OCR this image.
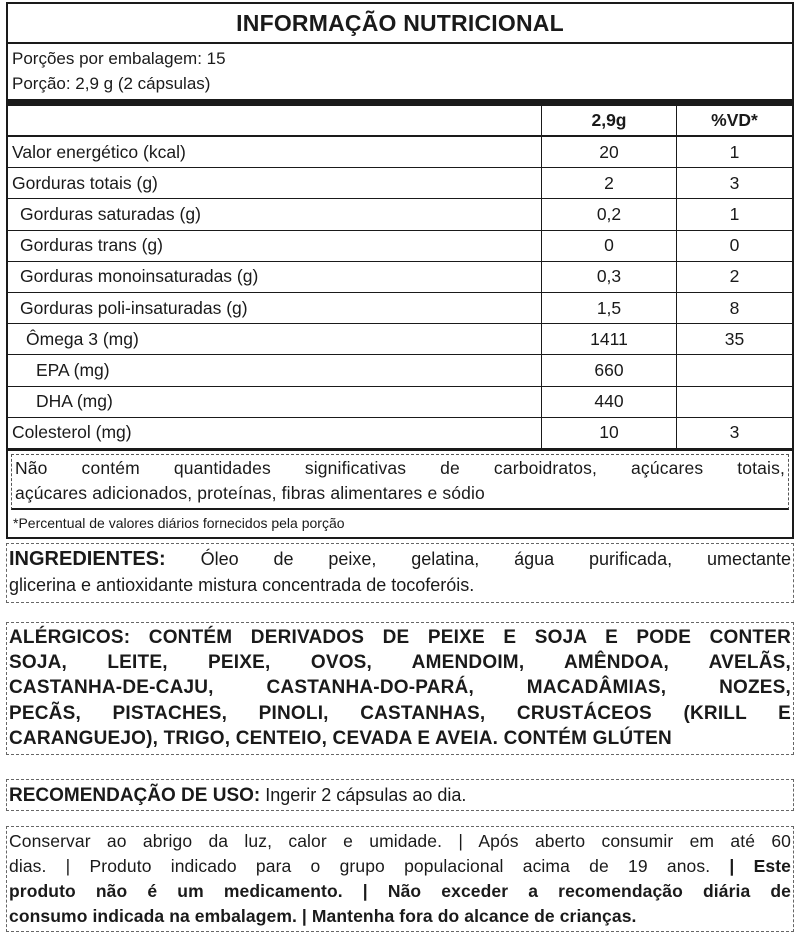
INFORMAÇÃO NUTRICIONAL
Porções por embalagem: 15
Porção: 2,9 g (2 cápsulas)
	2,9g	%VD*
Valor energético (kcal)	20	1
Gorduras totais (g)	2	3
Gorduras saturadas (g)	0,2	1
Gorduras trans (g)	0	0
Gorduras monoinsaturadas (g)	0,3	2
Gorduras poli-insaturadas (g)	1,5	8
Ômega 3 (mg)	1411	35
EPA (mg)	660	
DHA (mg)	440	
Colesterol (mg)	10	3
Não contém quantidades significativas de carboidratos, açúcares totais,
açúcares adicionados, proteínas, fibras alimentares e sódio
*Percentual de valores diários fornecidos pela porção
INGREDIENTES: Óleo de peixe, gelatina, água purificada, umectante
glicerina e antioxidante mistura concentrada de tocoferóis.
ALÉRGICOS: CONTÉM DERIVADOS DE PEIXE E SOJA E PODE CONTER
SOJA, LEITE, PEIXE, OVOS, AMENDOIM, AMÊNDOA, AVELÃS,
CASTANHA-DE-CAJU, CASTANHA-DO-PARÁ, MACADÂMIAS, NOZES,
PECÃS, PISTACHES, PINOLI, CASTANHAS, CRUSTÁCEOS (KRILL E
CARANGUEJO), TRIGO, CENTEIO, CEVADA E AVEIA. CONTÉM GLÚTEN
RECOMENDAÇÃO DE USO: Ingerir 2 cápsulas ao dia.
Conservar ao abrigo da luz, calor e umidade. | Após aberto consumir em até 60
dias. | Produto indicado para o grupo populacional acima de 19 anos. | Este
produto não é um medicamento. | Não exceder a recomendação diária de
consumo indicada na embalagem. | Mantenha fora do alcance de crianças.
